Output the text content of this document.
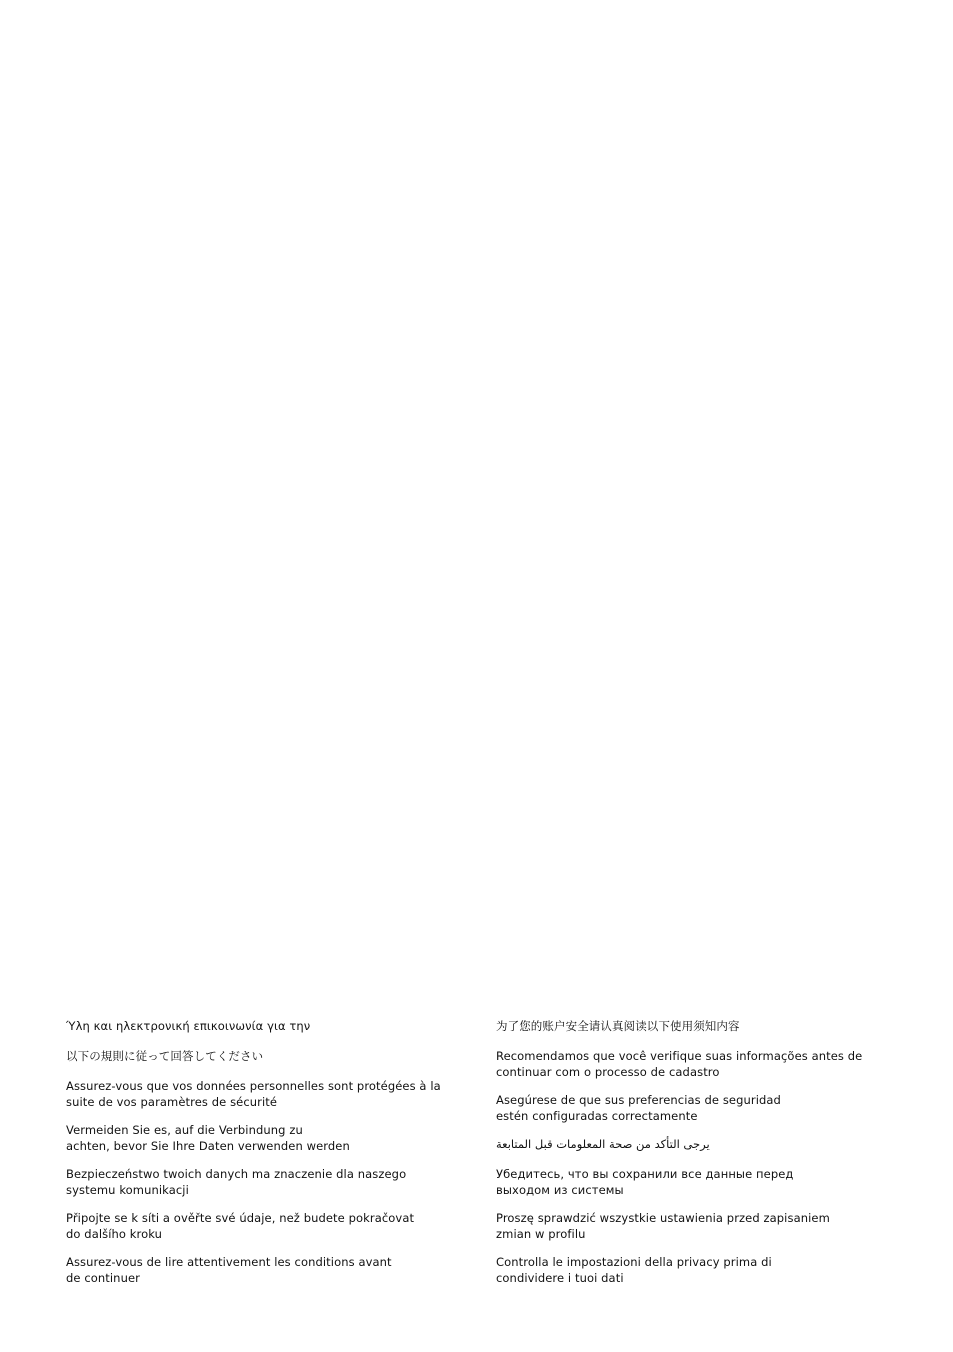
Ύλη και ηλεκτρονική επικοινωνία για την
以下の規則に従って回答してください
Assurez-vous que vos données personnelles sont protégées à la
suite de vos paramètres de sécurité
Vermeiden Sie es, auf die Verbindung zu
achten, bevor Sie Ihre Daten verwenden werden
Bezpieczeństwo twoich danych ma znaczenie dla naszego
systemu komunikacji
Připojte se k síti a ověřte své údaje, než budete pokračovat
do dalšího kroku
Assurez-vous de lire attentivement les conditions avant
de continuer
为了您的账户安全请认真阅读以下使用须知内容
Recomendamos que você verifique suas informações antes de
continuar com o processo de cadastro
Asegúrese de que sus preferencias de seguridad
estén configuradas correctamente
يرجى التأكد من صحة المعلومات قبل المتابعة
Убедитесь, что вы сохранили все данные перед
выходом из системы
Proszę sprawdzić wszystkie ustawienia przed zapisaniem
zmian w profilu
Controlla le impostazioni della privacy prima di
condividere i tuoi dati
